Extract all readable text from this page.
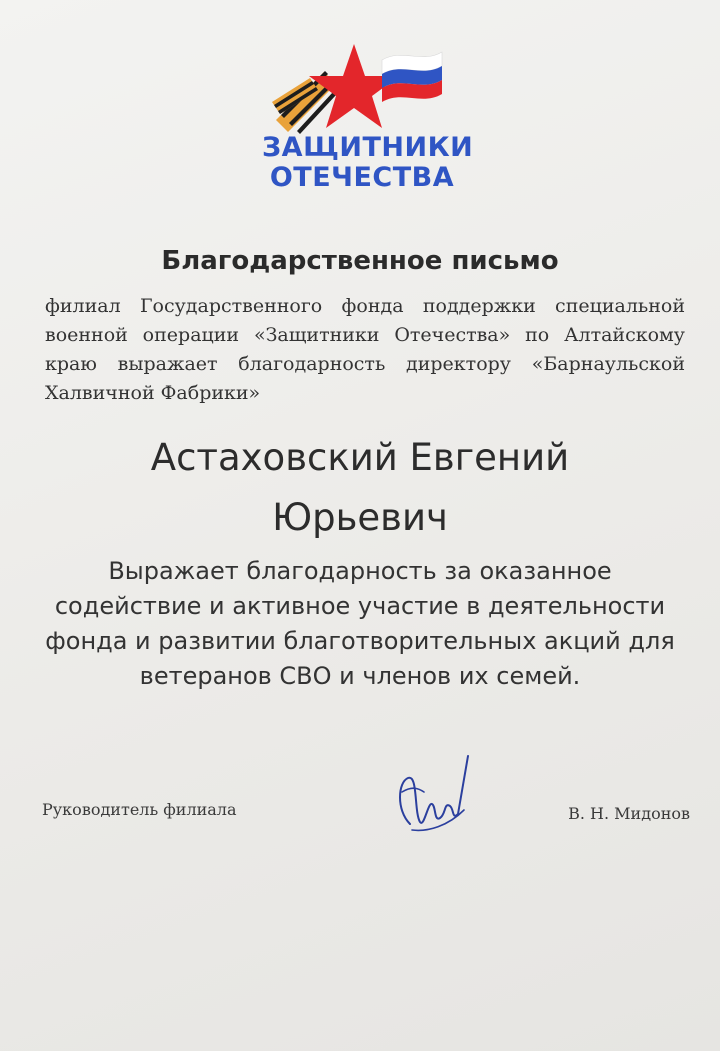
ЗАЩИТНИКИ
ОТЕЧЕСТВА
Благодарственное письмо
филиал Государственного фонда поддержки специальной военной операции «Защитники Отечества» по Алтайскому краю выражает благодарность директору «Барнаульской Халвичной Фабрики»
Астаховский Евгений
Юрьевич
Выражает благодарность за оказанное содействие и активное участие в деятельности фонда и развитии благотворительных акций для ветеранов СВО и членов их семей.
Руководитель филиала	В. Н. Мидонов
